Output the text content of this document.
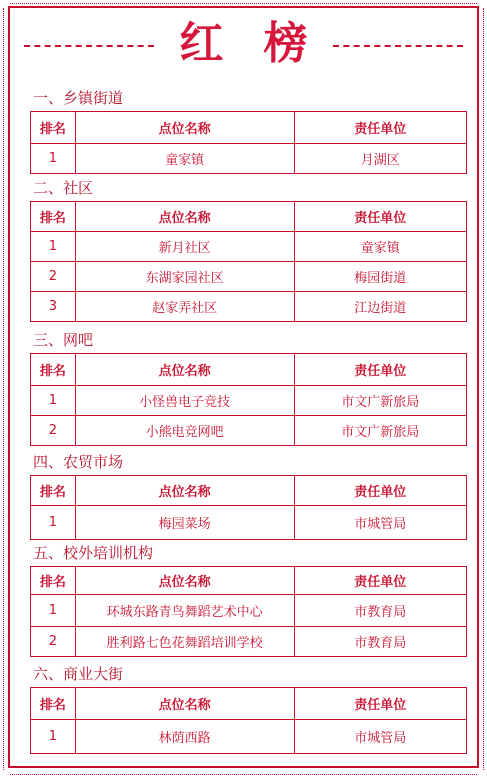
红榜
一、乡镇街道
排名	点位名称	责任单位
1	童家镇	月湖区
二、社区
排名	点位名称	责任单位
1	新月社区	童家镇
2	东湖家园社区	梅园街道
3	赵家弄社区	江边街道
三、网吧
排名	点位名称	责任单位
1	小怪兽电子竞技	市文广新旅局
2	小熊电竞网吧	市文广新旅局
四、农贸市场
排名	点位名称	责任单位
1	梅园菜场	市城管局
五、校外培训机构
排名	点位名称	责任单位
1	环城东路青鸟舞蹈艺术中心	市教育局
2	胜利路七色花舞蹈培训学校	市教育局
六、商业大街
排名	点位名称	责任单位
1	林荫西路	市城管局
